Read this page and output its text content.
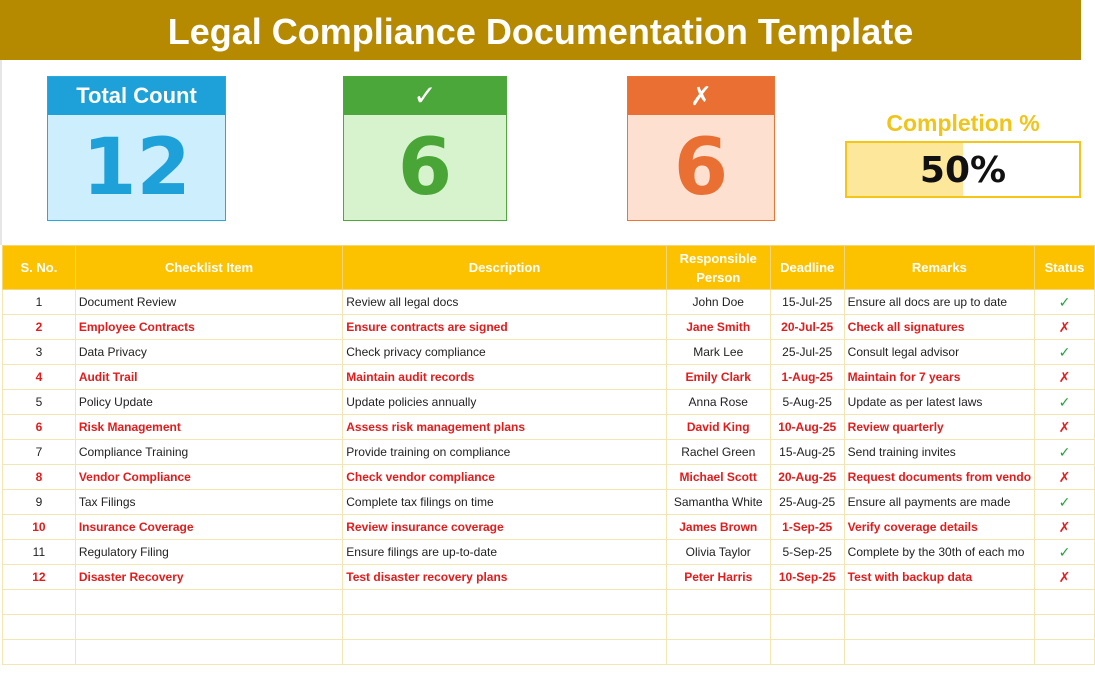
Legal Compliance Documentation Template
Total Count
12
✓
6
✗
6	Completion %
50%
S. No.	Checklist Item	Description	Responsible Person	Deadline	Remarks	Status
1	Document Review	Review all legal docs	John Doe	15-Jul-25	Ensure all docs are up to date	✓
2	Employee Contracts	Ensure contracts are signed	Jane Smith	20-Jul-25	Check all signatures	✗
3	Data Privacy	Check privacy compliance	Mark Lee	25-Jul-25	Consult legal advisor	✓
4	Audit Trail	Maintain audit records	Emily Clark	1-Aug-25	Maintain for 7 years	✗
5	Policy Update	Update policies annually	Anna Rose	5-Aug-25	Update as per latest laws	✓
6	Risk Management	Assess risk management plans	David King	10-Aug-25	Review quarterly	✗
7	Compliance Training	Provide training on compliance	Rachel Green	15-Aug-25	Send training invites	✓
8	Vendor Compliance	Check vendor compliance	Michael Scott	20-Aug-25	Request documents from vendo	✗
9	Tax Filings	Complete tax filings on time	Samantha White	25-Aug-25	Ensure all payments are made	✓
10	Insurance Coverage	Review insurance coverage	James Brown	1-Sep-25	Verify coverage details	✗
11	Regulatory Filing	Ensure filings are up-to-date	Olivia Taylor	5-Sep-25	Complete by the 30th of each mo	✓
12	Disaster Recovery	Test disaster recovery plans	Peter Harris	10-Sep-25	Test with backup data	✗
